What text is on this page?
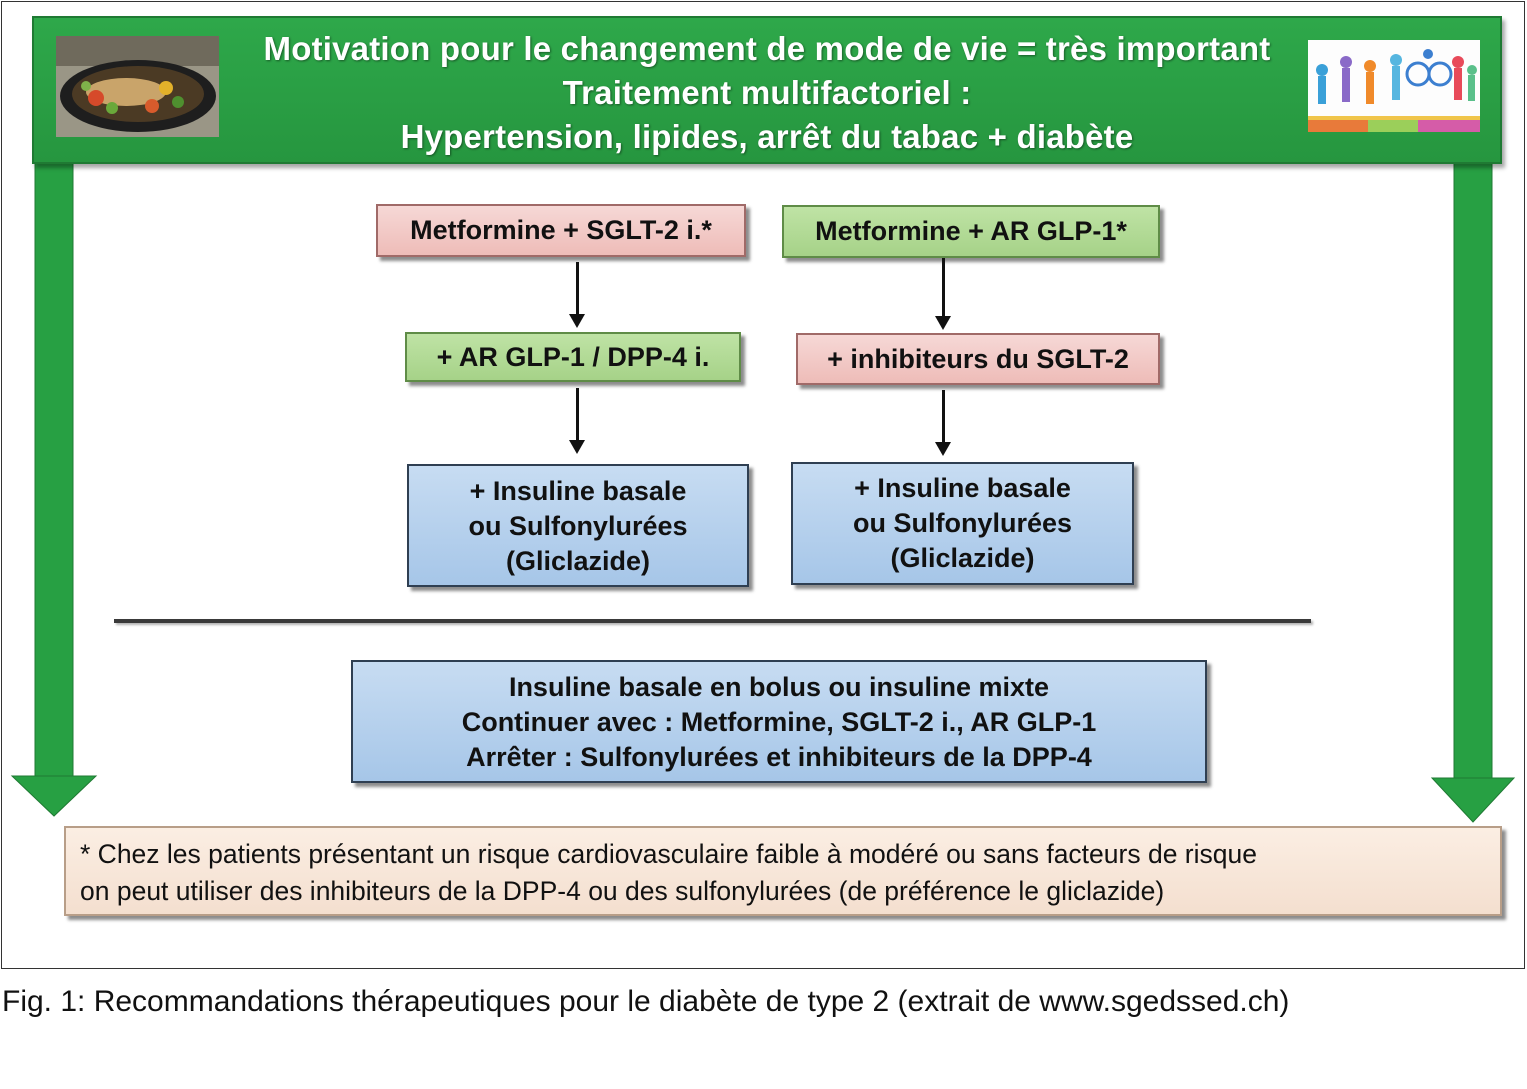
Motivation pour le changement de mode de vie = très important
Traitement multifactoriel :
Hypertension, lipides, arrêt du tabac + diabète
Metformine + SGLT-2 i.*
+ AR GLP-1 / DPP-4 i.
+ Insuline basale
ou Sulfonylurées
(Gliclazide)
Metformine + AR GLP-1*
+ inhibiteurs du SGLT-2
+ Insuline basale
ou Sulfonylurées
(Gliclazide)
Insuline basale en bolus ou insuline mixte
Continuer avec : Metformine, SGLT-2 i., AR GLP-1
Arrêter : Sulfonylurées et inhibiteurs de la DPP-4
* Chez les patients présentant un risque cardiovasculaire faible à modéré ou sans facteurs de risque
on peut utiliser des inhibiteurs de la DPP-4 ou des sulfonylurées (de préférence le gliclazide)
Fig. 1: Recommandations thérapeutiques pour le diabète de type 2 (extrait de www.sgedssed.ch)
